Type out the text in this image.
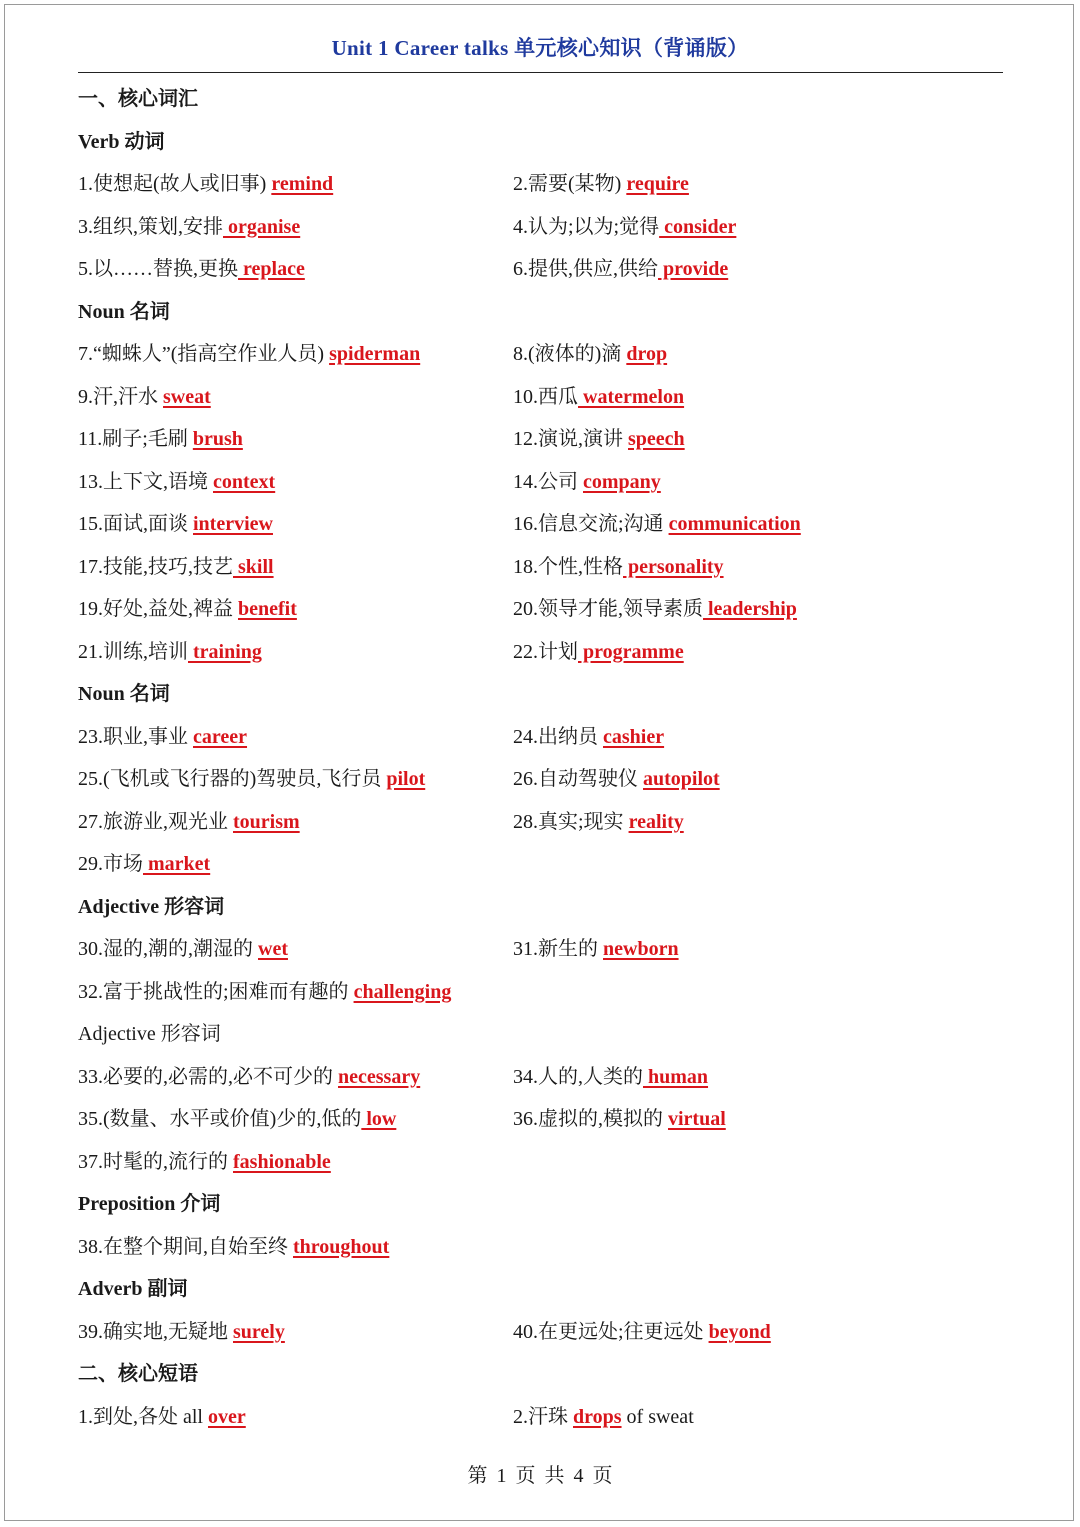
Unit 1 Career talks 单元核心知识（背诵版）
一、核心词汇
Verb 动词
1.使想起(故人或旧事) remind	2.需要(某物) require
3.组织,策划,安排 organise	4.认为;以为;觉得 consider
5.以……替换,更换 replace	6.提供,供应,供给 provide
Noun 名词
7.“蜘蛛人”(指高空作业人员) spiderman	8.(液体的)滴 drop
9.汗,汗水 sweat	10.西瓜 watermelon
11.刷子;毛刷 brush	12.演说,演讲 speech
13.上下文,语境 context	14.公司 company
15.面试,面谈 interview	16.信息交流;沟通 communication
17.技能,技巧,技艺 skill	18.个性,性格 personality
19.好处,益处,裨益 benefit	20.领导才能,领导素质 leadership
21.训练,培训 training	22.计划 programme
Noun 名词
23.职业,事业 career	24.出纳员 cashier
25.(飞机或飞行器的)驾驶员,飞行员 pilot	26.自动驾驶仪 autopilot
27.旅游业,观光业 tourism	28.真实;现实 reality
29.市场 market
Adjective 形容词
30.湿的,潮的,潮湿的 wet	31.新生的 newborn
32.富于挑战性的;困难而有趣的 challenging
Adjective 形容词
33.必要的,必需的,必不可少的 necessary	34.人的,人类的 human
35.(数量、水平或价值)少的,低的 low	36.虚拟的,模拟的 virtual
37.时髦的,流行的 fashionable
Preposition 介词
38.在整个期间,自始至终 throughout
Adverb 副词
39.确实地,无疑地 surely	40.在更远处;往更远处 beyond
二、核心短语
1.到处,各处 all over	2.汗珠 drops of sweat
第 1 页 共 4 页
